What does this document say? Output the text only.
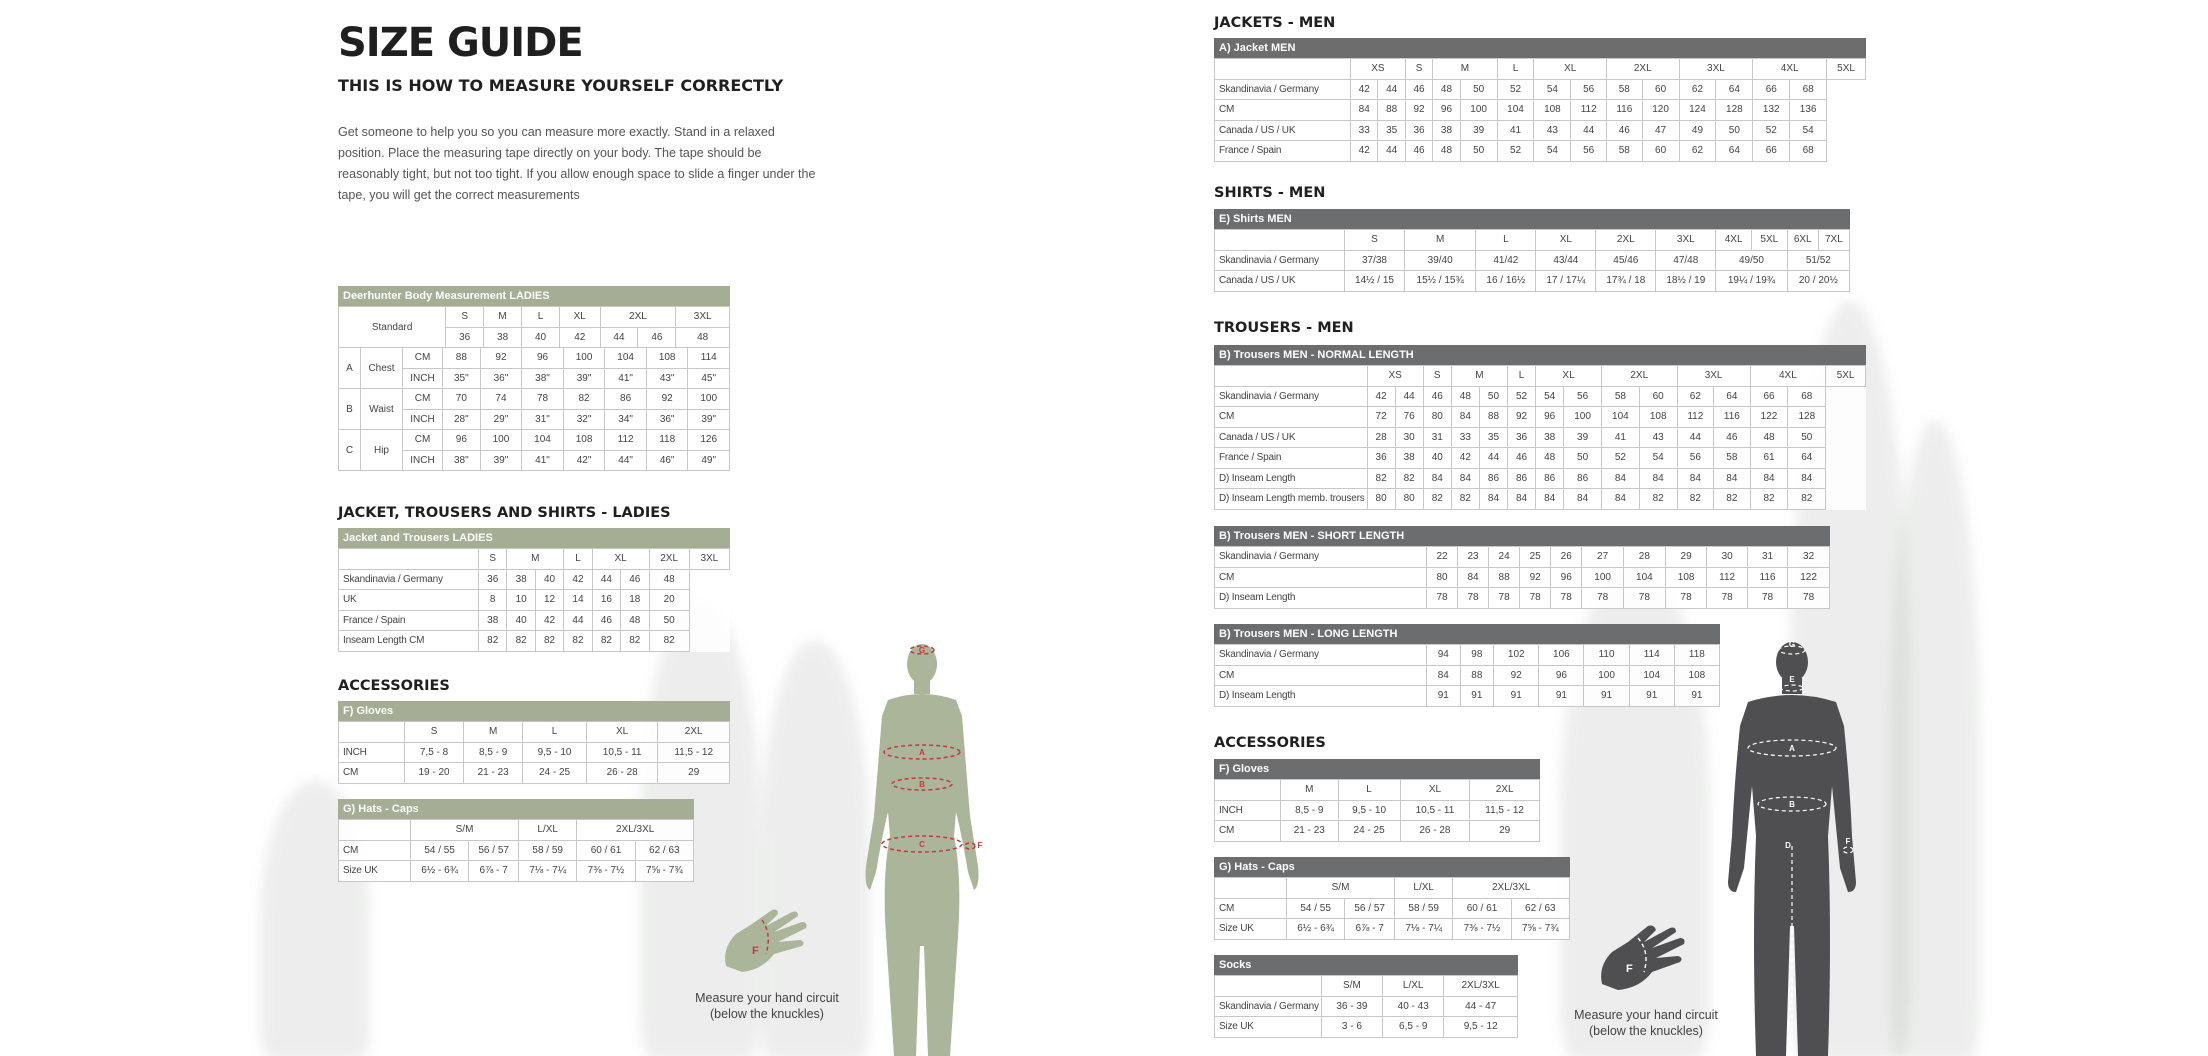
SIZE GUIDE
THIS IS HOW TO MEASURE YOURSELF CORRECTLY
Get someone to help you so you can measure more exactly. Stand in a relaxed position. Place the measuring tape directly on your body. The tape should be reasonably tight, but not too tight. If you allow enough space to slide a finger under the tape, you will get the correct measurements
Deerhunter Body Measurement LADIES
Standard	S	M	L	XL	2XL		3XL
	36	38	40	42	44	46	48
A	Chest	CM	88	92	96	100	104	108	114
		INCH	35"	36"	38"	39"	41"	43"	45"
B	Waist	CM	70	74	78	82	86	92	100
		INCH	28"	29"	31"	32"	34"	36"	39"
C	Hip	CM	96	100	104	108	112	118	126
		INCH	38"	39"	41"	42"	44"	46"	49"
JACKET, TROUSERS AND SHIRTS - LADIES
Jacket and Trousers LADIES
	S	M		L	XL		2XL	3XL
Skandinavia / Germany	36	38	40	42	44	46	48	
UK	8	10	12	14	16	18	20	
France / Spain	38	40	42	44	46	48	50	
Inseam Length CM	82	82	82	82	82	82	82	
ACCESSORIES
F) Gloves
	S	M	L	XL	2XL
INCH	7,5 - 8	8,5 - 9	9,5 - 10	10,5 - 11	11,5 - 12
CM	19 - 20	21 - 23	24 - 25	26 - 28	29
G) Hats - Caps
	S/M		L/XL	2XL/3XL	
CM	54 / 55	56 / 57	58 / 59	60 / 61	62 / 63
Size UK	6½ - 6¾	6⅞ - 7	7⅛ - 7¼	7⅜ - 7½	7⅝ - 7¾
JACKETS - MEN
A) Jacket MEN
	XS		S	M		L	XL		2XL		3XL		4XL		5XL
Skandinavia / Germany	42	44	46	48	50	52	54	56	58	60	62	64	66	68	
CM	84	88	92	96	100	104	108	112	116	120	124	128	132	136	
Canada / US / UK	33	35	36	38	39	41	43	44	46	47	49	50	52	54	
France / Spain	42	44	46	48	50	52	54	56	58	60	62	64	66	68	
SHIRTS - MEN
E) Shirts MEN
	S	M	L	XL	2XL	3XL	4XL	5XL	6XL	7XL
Skandinavia / Germany	37/38	39/40	41/42	43/44	45/46	47/48	49/50		51/52	
Canada / US / UK	14½ / 15	15½ / 15¾	16 / 16½	17 / 17¼	17¾ / 18	18½ / 19	19¼ / 19¾		20 / 20½	
TROUSERS - MEN
B) Trousers MEN - NORMAL LENGTH
	XS		S	M		L	XL		2XL		3XL		4XL		5XL
Skandinavia / Germany	42	44	46	48	50	52	54	56	58	60	62	64	66	68	
CM	72	76	80	84	88	92	96	100	104	108	112	116	122	128	
Canada / US / UK	28	30	31	33	35	36	38	39	41	43	44	46	48	50	
France / Spain	36	38	40	42	44	46	48	50	52	54	56	58	61	64	
D) Inseam Length	82	82	84	84	86	86	86	86	84	84	84	84	84	84	
D) Inseam Length memb. trousers	80	80	82	82	84	84	84	84	84	82	82	82	82	82	
B) Trousers MEN - SHORT LENGTH
Skandinavia / Germany	22	23	24	25	26	27	28	29	30	31	32
CM	80	84	88	92	96	100	104	108	112	116	122
D) Inseam Length	78	78	78	78	78	78	78	78	78	78	78
B) Trousers MEN - LONG LENGTH
Skandinavia / Germany	94	98	102	106	110	114	118
CM	84	88	92	96	100	104	108
D) Inseam Length	91	91	91	91	91	91	91
ACCESSORIES
F) Gloves
	M	L	XL	2XL
INCH	8,5 - 9	9,5 - 10	10,5 - 11	11,5 - 12
CM	21 - 23	24 - 25	26 - 28	29
G) Hats - Caps
	S/M		L/XL	2XL/3XL	
CM	54 / 55	56 / 57	58 / 59	60 / 61	62 / 63
Size UK	6½ - 6¾	6⅞ - 7	7⅛ - 7¼	7⅜ - 7½	7⅝ - 7¾
Socks
	S/M	L/XL	2XL/3XL
Skandinavia / Germany	36 - 39	40 - 43	44 - 47
Size UK	3 - 6	6,5 - 9	9,5 - 12
G
A
B
C	F
F
Measure your hand circuit (below the knuckles)
G
E
A
B
D	F
F
Measure your hand circuit (below the knuckles)
